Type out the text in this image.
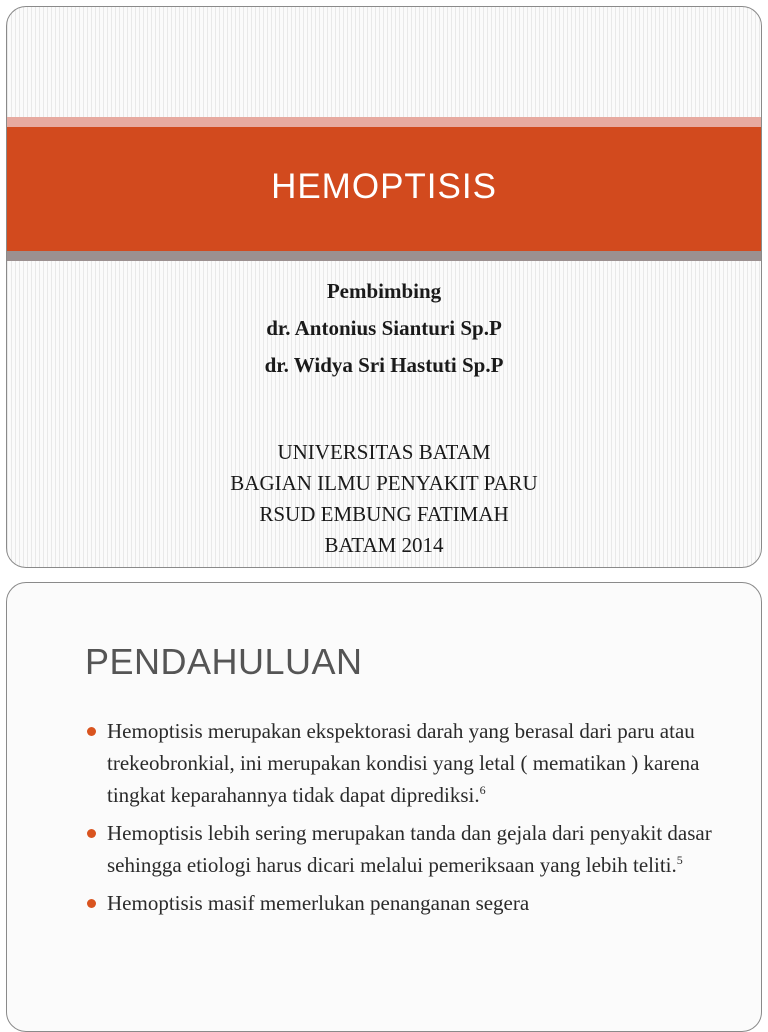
HEMOPTISIS
Pembimbing
dr. Antonius Sianturi Sp.P
dr. Widya Sri Hastuti Sp.P
UNIVERSITAS BATAM
BAGIAN ILMU PENYAKIT PARU
RSUD EMBUNG FATIMAH
BATAM 2014
PENDAHULUAN
Hemoptisis merupakan ekspektorasi darah yang berasal dari paru atau trekeobronkial, ini merupakan kondisi yang letal ( mematikan ) karena tingkat keparahannya tidak dapat diprediksi.$^6$
Hemoptisis lebih sering merupakan tanda dan gejala dari penyakit dasar sehingga etiologi harus dicari melalui pemeriksaan yang lebih teliti.$^5$
Hemoptisis masif memerlukan penanganan segera
